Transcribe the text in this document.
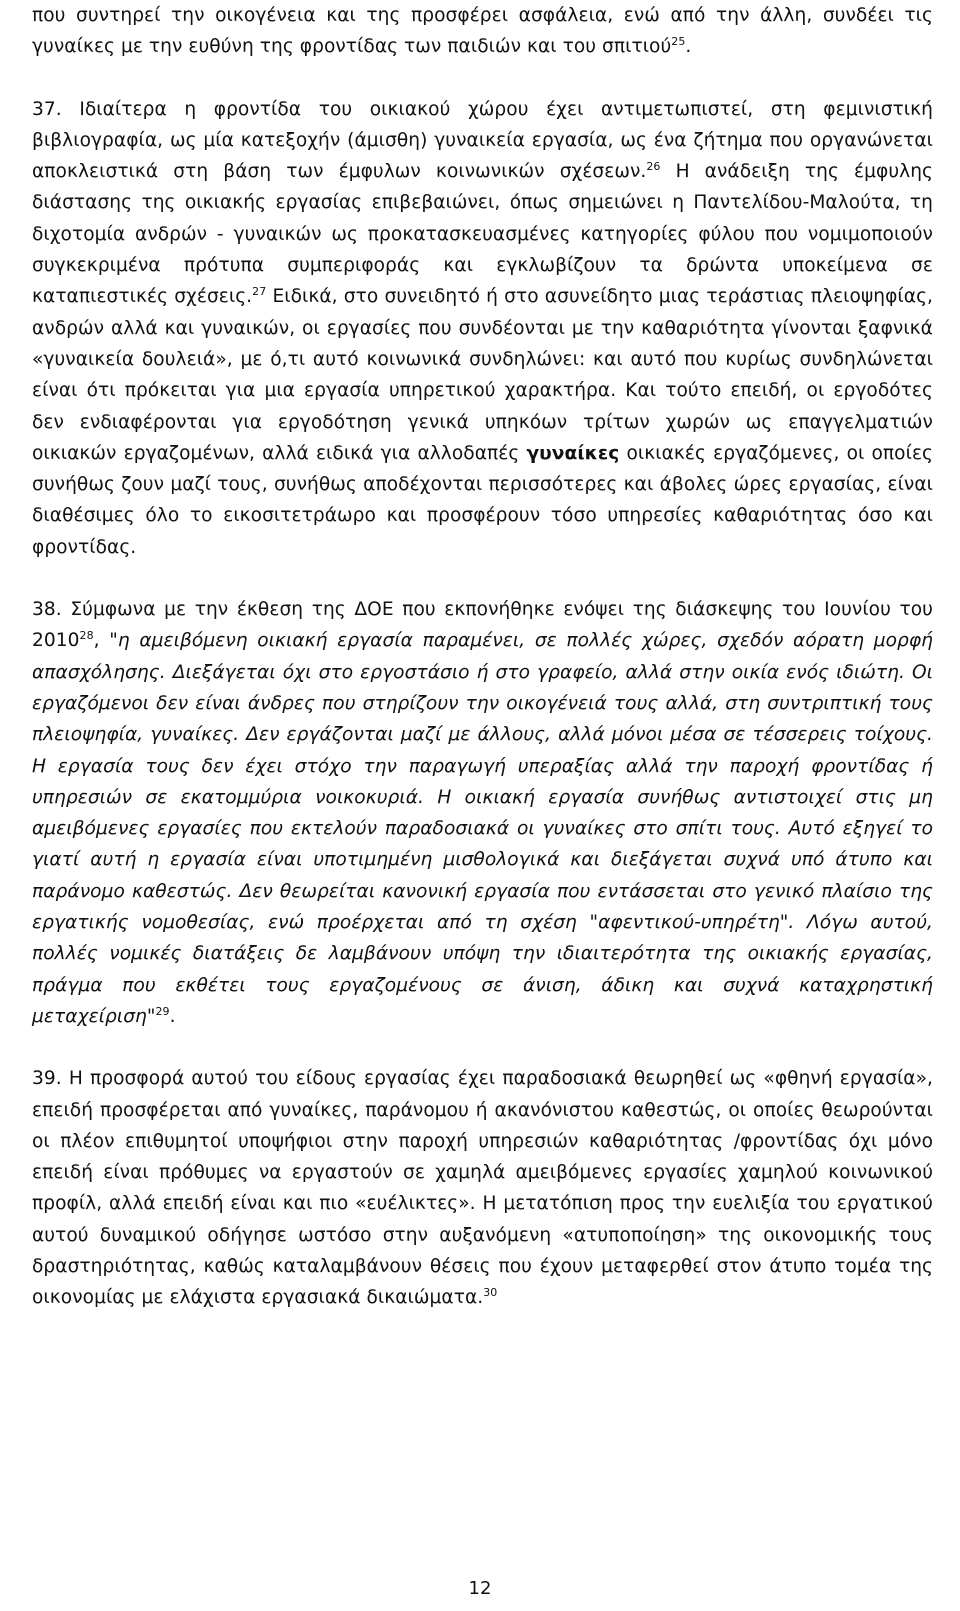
που συντηρεί την οικογένεια και της προσφέρει ασφάλεια, ενώ από την άλλη, συνδέει τις γυναίκες με την ευθύνη της φροντίδας των παιδιών και του σπιτιού$^{25}$.

37. Ιδιαίτερα η φροντίδα του οικιακού χώρου έχει αντιμετωπιστεί, στη φεμινιστική βιβλιογραφία, ως μία κατεξοχήν (άμισθη) γυναικεία εργασία, ως ένα ζήτημα που οργανώνεται αποκλειστικά στη βάση των έμφυλων κοινωνικών σχέσεων.$^{26}$ Η ανάδειξη της έμφυλης διάστασης της οικιακής εργασίας επιβεβαιώνει, όπως σημειώνει η Παντελίδου-Μαλούτα, τη διχοτομία ανδρών - γυναικών ως προκατασκευασμένες κατηγορίες φύλου που νομιμοποιούν συγκεκριμένα πρότυπα συμπεριφοράς και εγκλωβίζουν τα δρώντα υποκείμενα σε καταπιεστικές σχέσεις.$^{27}$ Ειδικά, στο συνειδητό ή στο ασυνείδητο μιας τεράστιας πλειοψηφίας, ανδρών αλλά και γυναικών, οι εργασίες που συνδέονται με την καθαριότητα γίνονται ξαφνικά «γυναικεία δουλειά», με ό,τι αυτό κοινωνικά συνδηλώνει: και αυτό που κυρίως συνδηλώνεται είναι ότι πρόκειται για μια εργασία υπηρετικού χαρακτήρα. Και τούτο επειδή, οι εργοδότες δεν ενδιαφέρονται για εργοδότηση γενικά υπηκόων τρίτων χωρών ως επαγγελματιών οικιακών εργαζομένων, αλλά ειδικά για αλλοδαπές γυναίκες οικιακές εργαζόμενες, οι οποίες συνήθως ζουν μαζί τους, συνήθως αποδέχονται περισσότερες και άβολες ώρες εργασίας, είναι διαθέσιμες όλο το εικοσιτετράωρο και προσφέρουν τόσο υπηρεσίες καθαριότητας όσο και φροντίδας.

38. Σύμφωνα με την έκθεση της ΔΟΕ που εκπονήθηκε ενόψει της διάσκεψης του Ιουνίου του 2010$^{28}$, "η αμειβόμενη οικιακή εργασία παραμένει, σε πολλές χώρες, σχεδόν αόρατη μορφή απασχόλησης. Διεξάγεται όχι στο εργοστάσιο ή στο γραφείο, αλλά στην οικία ενός ιδιώτη. Οι εργαζόμενοι δεν είναι άνδρες που στηρίζουν την οικογένειά τους αλλά, στη συντριπτική τους πλειοψηφία, γυναίκες. Δεν εργάζονται μαζί με άλλους, αλλά μόνοι μέσα σε τέσσερεις τοίχους. Η εργασία τους δεν έχει στόχο την παραγωγή υπεραξίας αλλά την παροχή φροντίδας ή υπηρεσιών σε εκατομμύρια νοικοκυριά. Η οικιακή εργασία συνήθως αντιστοιχεί στις μη αμειβόμενες εργασίες που εκτελούν παραδοσιακά οι γυναίκες στο σπίτι τους. Αυτό εξηγεί το γιατί αυτή η εργασία είναι υποτιμημένη μισθολογικά και διεξάγεται συχνά υπό άτυπο και παράνομο καθεστώς. Δεν θεωρείται κανονική εργασία που εντάσσεται στο γενικό πλαίσιο της εργατικής νομοθεσίας, ενώ προέρχεται από τη σχέση "αφεντικού-υπηρέτη". Λόγω αυτού, πολλές νομικές διατάξεις δε λαμβάνουν υπόψη την ιδιαιτερότητα της οικιακής εργασίας, πράγμα που εκθέτει τους εργαζομένους σε άνιση, άδικη και συχνά καταχρηστική μεταχείριση"$^{29}$.

39. Η προσφορά αυτού του είδους εργασίας έχει παραδοσιακά θεωρηθεί ως «φθηνή εργασία», επειδή προσφέρεται από γυναίκες, παράνομου ή ακανόνιστου καθεστώς, οι οποίες θεωρούνται οι πλέον επιθυμητοί υποψήφιοι στην παροχή υπηρεσιών καθαριότητας /φροντίδας όχι μόνο επειδή είναι πρόθυμες να εργαστούν σε χαμηλά αμειβόμενες εργασίες χαμηλού κοινωνικού προφίλ, αλλά επειδή είναι και πιο «ευέλικτες». Η μετατόπιση προς την ευελιξία του εργατικού αυτού δυναμικού οδήγησε ωστόσο στην αυξανόμενη «ατυποποίηση» της οικονομικής τους δραστηριότητας, καθώς καταλαμβάνουν θέσεις που έχουν μεταφερθεί στον άτυπο τομέα της οικονομίας με ελάχιστα εργασιακά δικαιώματα.$^{30}$

12
